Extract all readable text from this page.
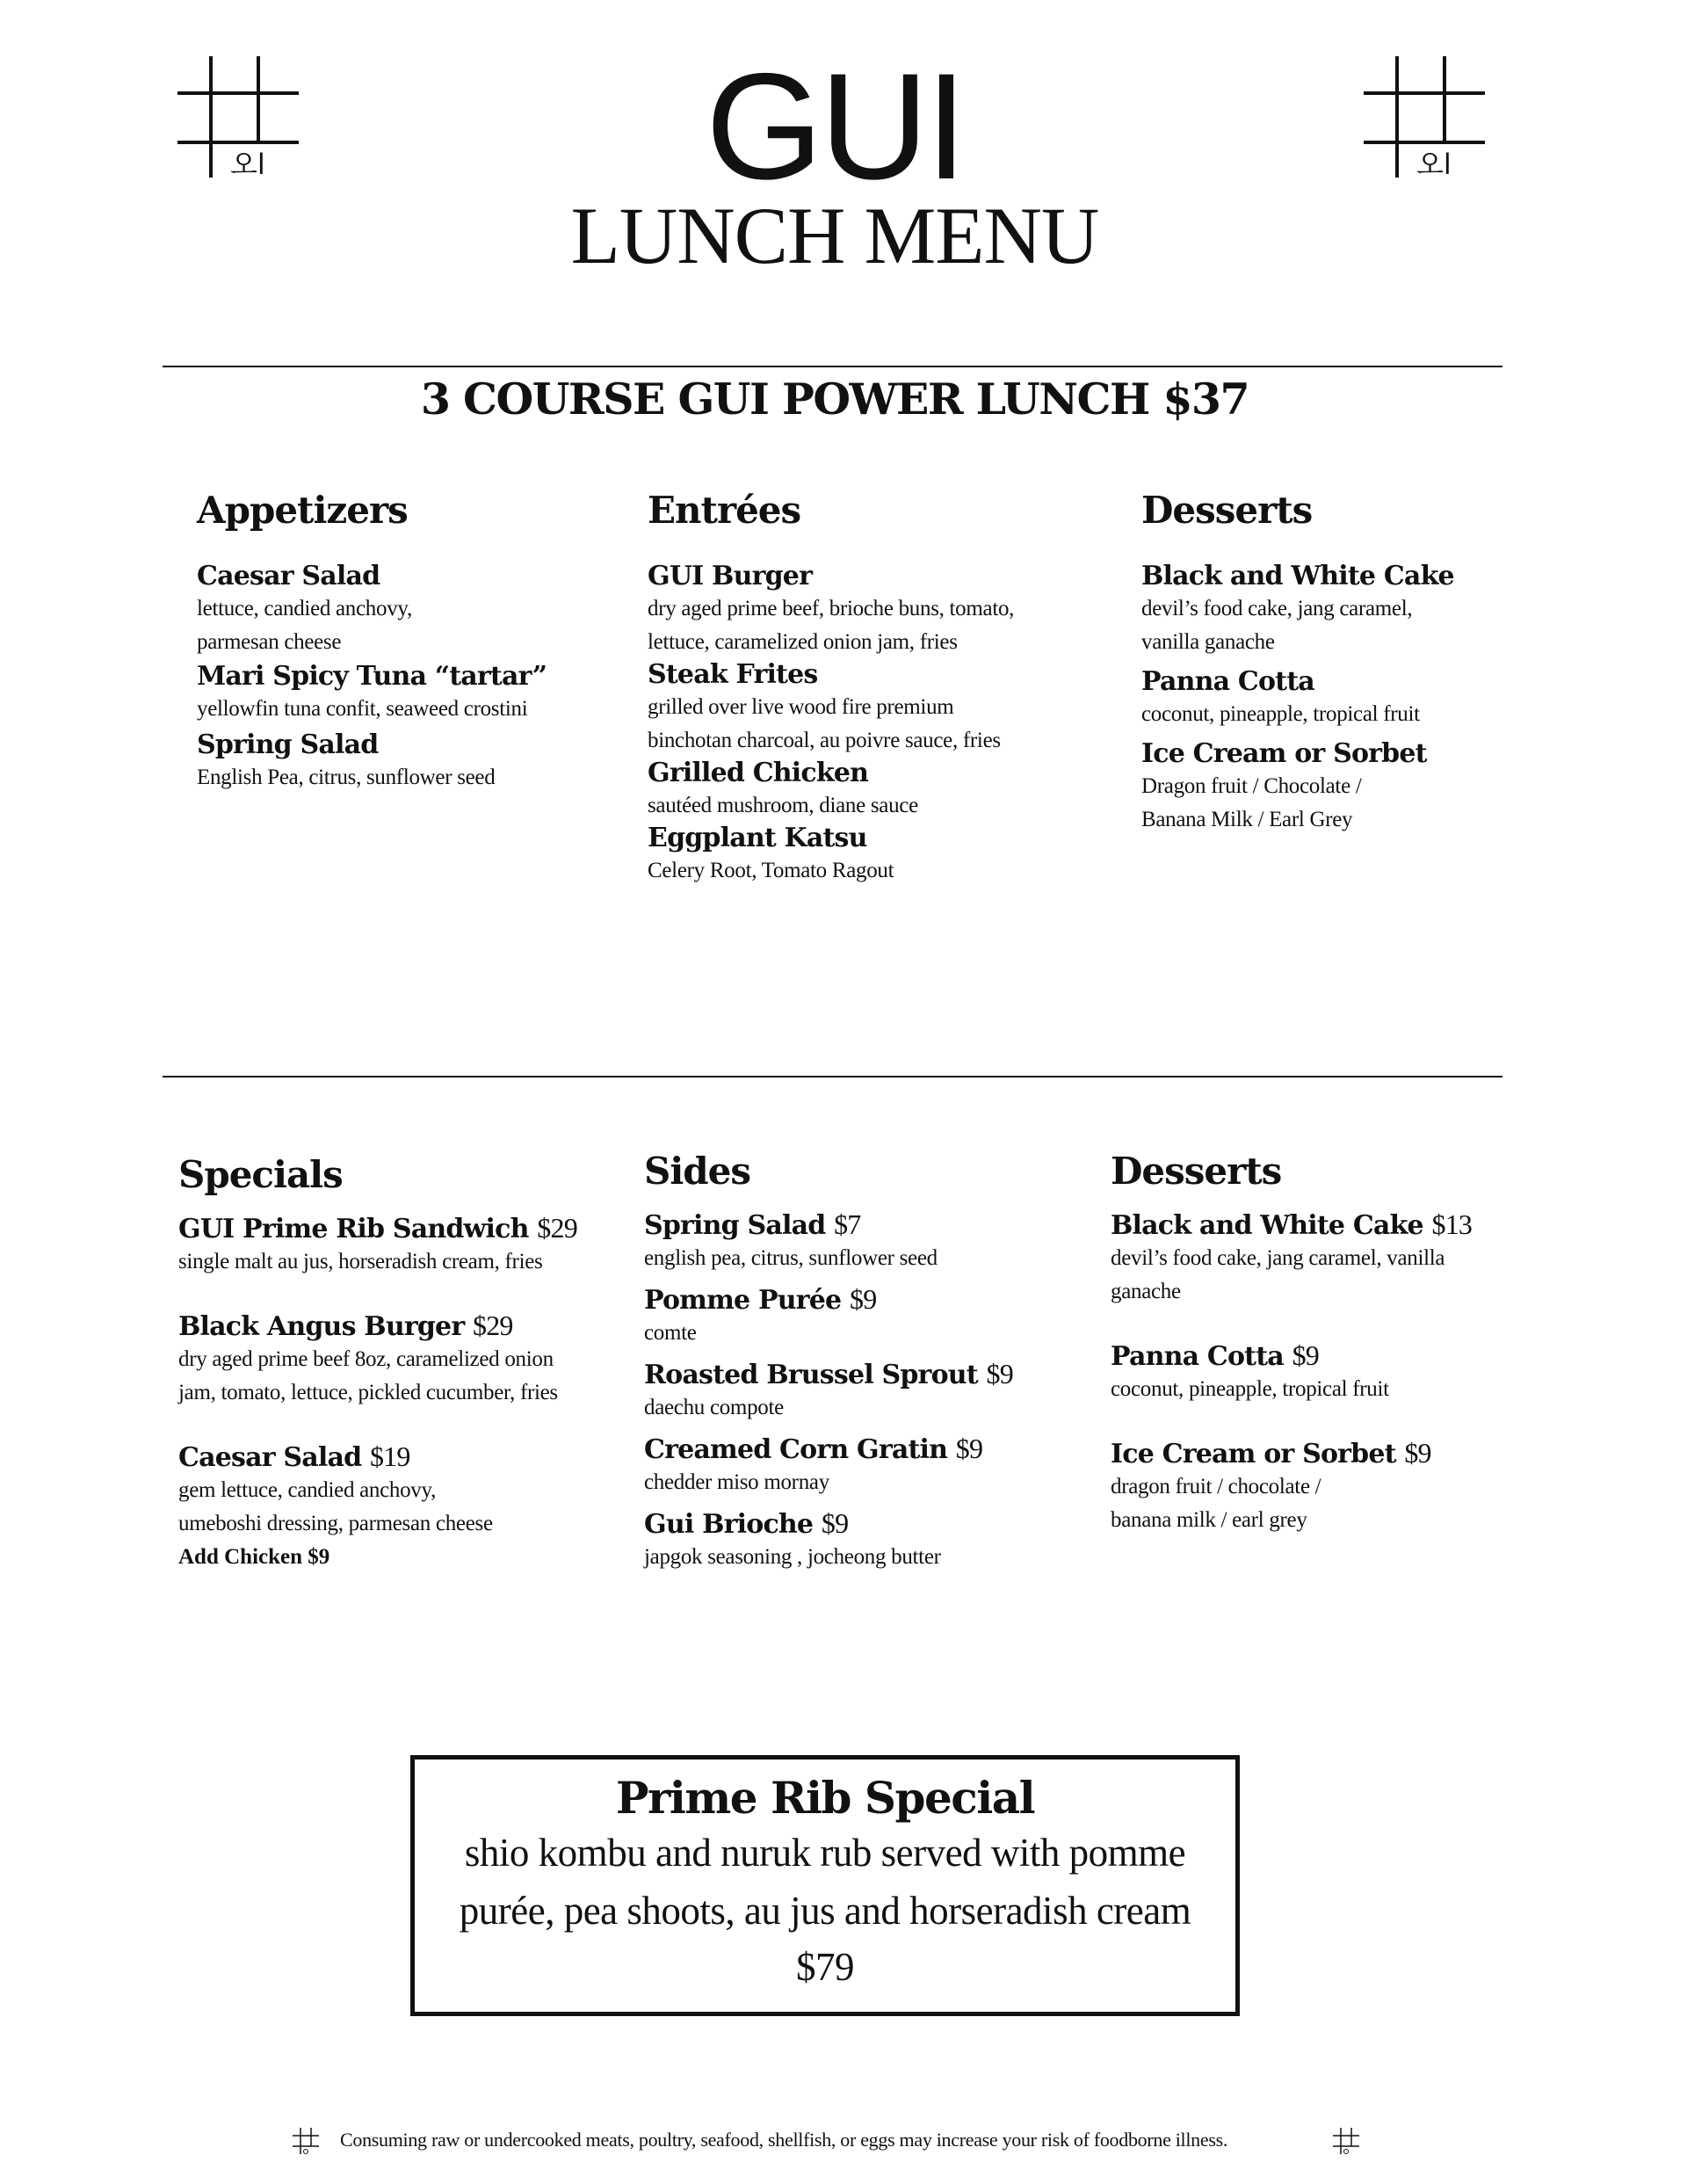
오l	오l
GUI
LUNCH MENU
3 COURSE GUI POWER LUNCH $37
Appetizers
Caesar Salad
lettuce, candied anchovy,
parmesan cheese
Mari Spicy Tuna “tartar”
yellowfin tuna confit, seaweed crostini
Spring Salad
English Pea, citrus, sunflower seed
Entrées
GUI Burger
dry aged prime beef, brioche buns, tomato,
lettuce, caramelized onion jam, fries
Steak Frites
grilled over live wood fire premium
binchotan charcoal, au poivre sauce, fries
Grilled Chicken
sautéed mushroom, diane sauce
Eggplant Katsu
Celery Root, Tomato Ragout
Desserts
Black and White Cake
devil’s food cake, jang caramel,
vanilla ganache
Panna Cotta
coconut, pineapple, tropical fruit
Ice Cream or Sorbet
Dragon fruit / Chocolate /
Banana Milk / Earl Grey
Specials
GUI Prime Rib Sandwich $29
single malt au jus, horseradish cream, fries
Black Angus Burger $29
dry aged prime beef 8oz, caramelized onion
jam, tomato, lettuce, pickled cucumber, fries
Caesar Salad $19
gem lettuce, candied anchovy,
umeboshi dressing, parmesan cheese
Add Chicken $9
Sides
Spring Salad $7
english pea, citrus, sunflower seed
Pomme Purée $9
comte
Roasted Brussel Sprout $9
daechu compote
Creamed Corn Gratin $9
chedder miso mornay
Gui Brioche $9
japgok seasoning , jocheong butter
Desserts
Black and White Cake $13
devil’s food cake, jang caramel, vanilla
ganache
Panna Cotta $9
coconut, pineapple, tropical fruit
Ice Cream or Sorbet $9
dragon fruit / chocolate /
banana milk / earl grey
Prime Rib Special
shio kombu and nuruk rub served with pomme purée, pea shoots, au jus and horseradish cream
$79
Consuming raw or undercooked meats, poultry, seafood, shellfish, or eggs may increase your risk of foodborne illness.
